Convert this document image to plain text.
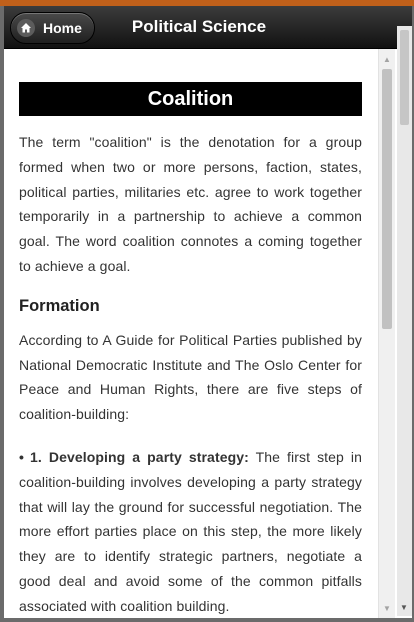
Home	Political Science
Coalition

The term "coalition" is the denotation for a group formed when two or more persons, faction, states, political parties, militaries etc. agree to work together temporarily in a partnership to achieve a common goal. The word coalition connotes a coming together to achieve a goal.

Formation

According to A Guide for Political Parties published by National Democratic Institute and The Oslo Center for Peace and Human Rights, there are five steps of coalition-building:

• 1. Developing a party strategy: The first step in coalition-building involves developing a party strategy that will lay the ground for successful negotiation. The more effort parties place on this step, the more likely they are to identify strategic partners, negotiate a good deal and avoid some of the common pitfalls associated with coalition building.
▲
▼	▼
